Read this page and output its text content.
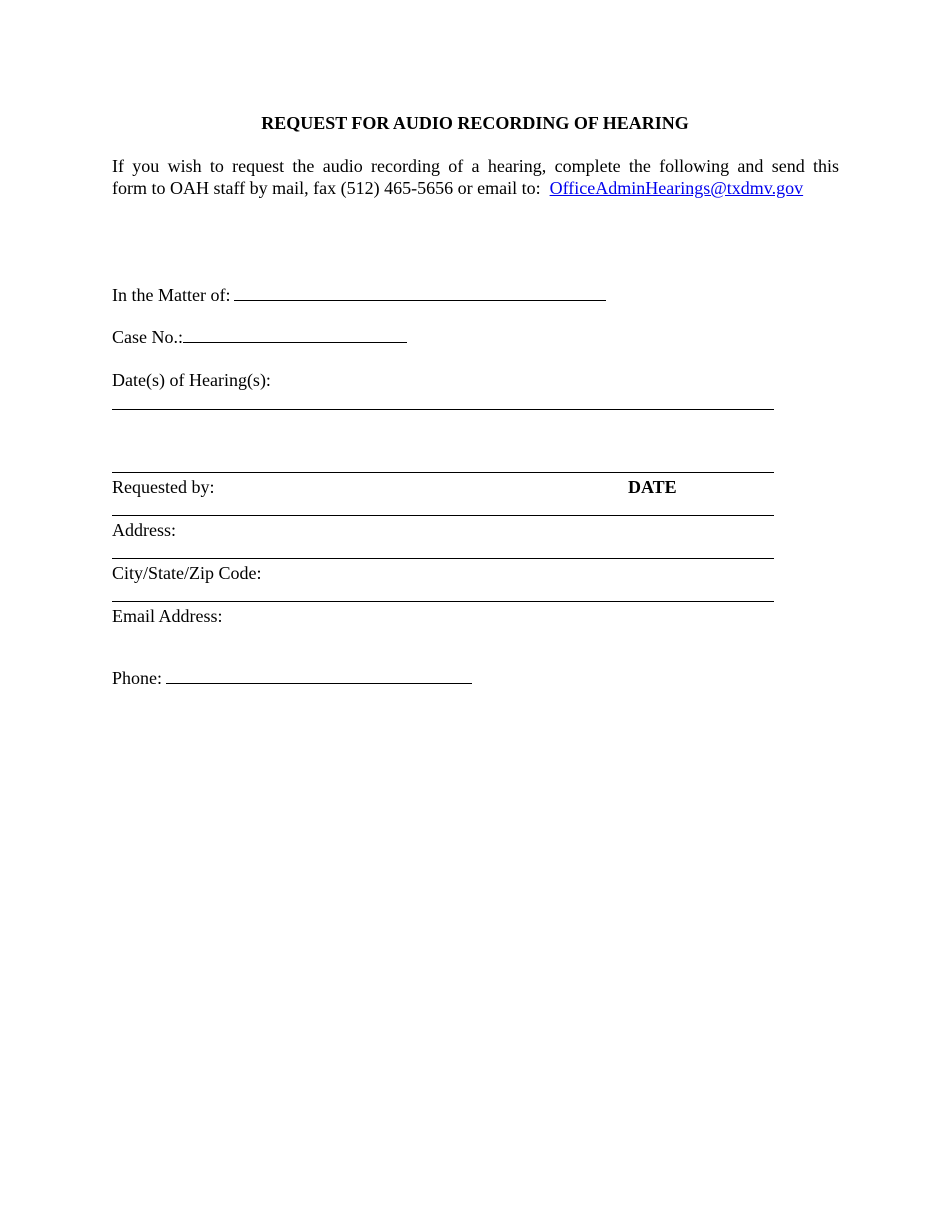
REQUEST FOR AUDIO RECORDING OF HEARING
If you wish to request the audio recording of a hearing, complete the following and send this
form to OAH staff by mail, fax (512) 465-5656 or email to: OfficeAdminHearings@txdmv.gov
In the Matter of:
Case No.:
Date(s) of Hearing(s):
Requested by:	DATE
Address:
City/State/Zip Code:
Email Address:
Phone:
